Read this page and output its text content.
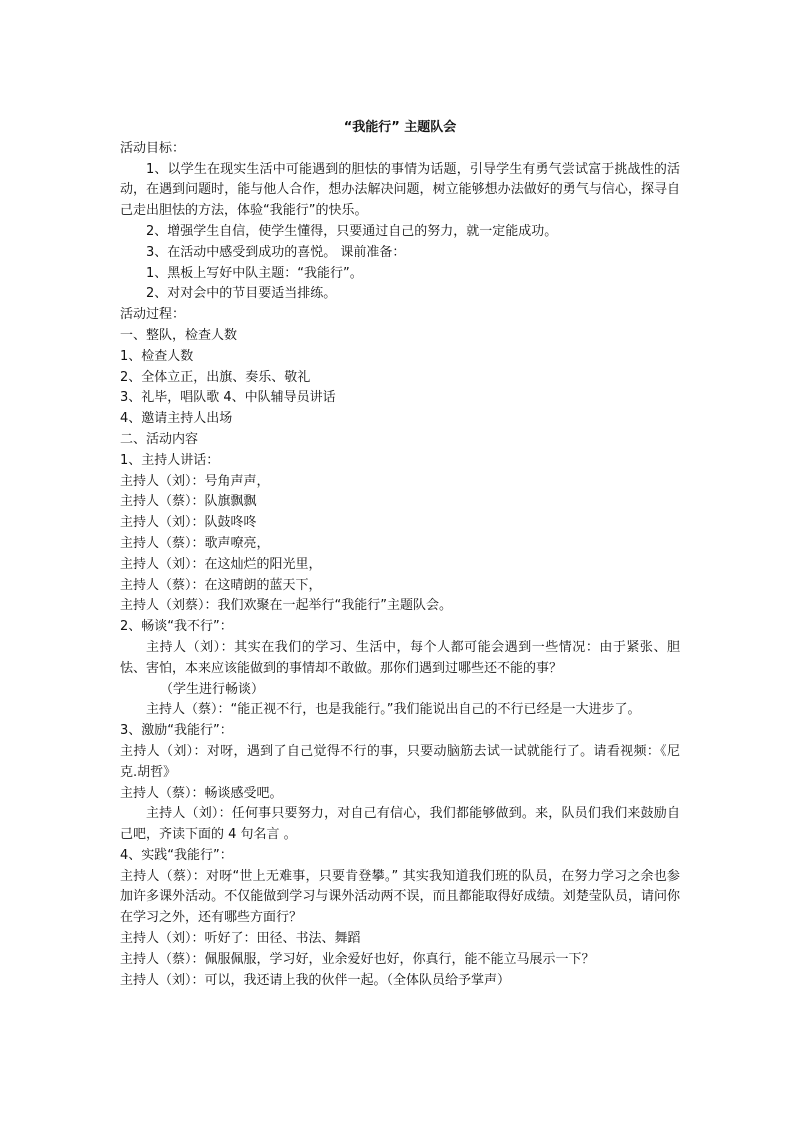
“我能行” 主题队会

活动目标：

1、以学生在现实生活中可能遇到的胆怯的事情为话题，引导学生有勇气尝试富于挑战性的活动，在遇到问题时，能与他人合作，想办法解决问题，树立能够想办法做好的勇气与信心，探寻自己走出胆怯的方法，体验“我能行”的快乐。

2、增强学生自信，使学生懂得，只要通过自己的努力，就一定能成功。

3、在活动中感受到成功的喜悦。 课前准备：

1、黑板上写好中队主题：“我能行”。

2、对对会中的节目要适当排练。

活动过程：

一、整队，检查人数

1、检查人数

2、全体立正，出旗、奏乐、敬礼

3、礼毕，唱队歌 4、中队辅导员讲话

4、邀请主持人出场

二、活动内容

1、主持人讲话：

主持人（刘）：号角声声，

主持人（蔡）：队旗飘飘

主持人（刘）：队鼓咚咚

主持人（蔡）：歌声嘹亮，

主持人（刘）：在这灿烂的阳光里，

主持人（蔡）：在这晴朗的蓝天下，

主持人（刘蔡）：我们欢聚在一起举行“我能行”主题队会。

2、畅谈“我不行”：

主持人（刘）：其实在我们的学习、生活中，每个人都可能会遇到一些情况：由于紧张、胆怯、害怕，本来应该能做到的事情却不敢做。那你们遇到过哪些还不能的事？

（学生进行畅谈）

主持人（蔡）：“能正视不行，也是我能行。”我们能说出自己的不行已经是一大进步了。

3、激励“我能行”：

主持人（刘）：对呀，遇到了自己觉得不行的事，只要动脑筋去试一试就能行了。请看视频：《尼克.胡哲》

主持人（蔡）：畅谈感受吧。

主持人（刘）：任何事只要努力，对自己有信心，我们都能够做到。来，队员们我们来鼓励自己吧，齐读下面的 4 句名言 。

4、实践“我能行”：

主持人（蔡）：对呀“世上无难事，只要肯登攀。” 其实我知道我们班的队员，在努力学习之余也参加许多课外活动。不仅能做到学习与课外活动两不误，而且都能取得好成绩。刘楚莹队员，请问你在学习之外，还有哪些方面行？

主持人（刘）：听好了：田径、书法、舞蹈

主持人（蔡）：佩服佩服，学习好，业余爱好也好，你真行，能不能立马展示一下？

主持人（刘）：可以，我还请上我的伙伴一起。（全体队员给予掌声）
